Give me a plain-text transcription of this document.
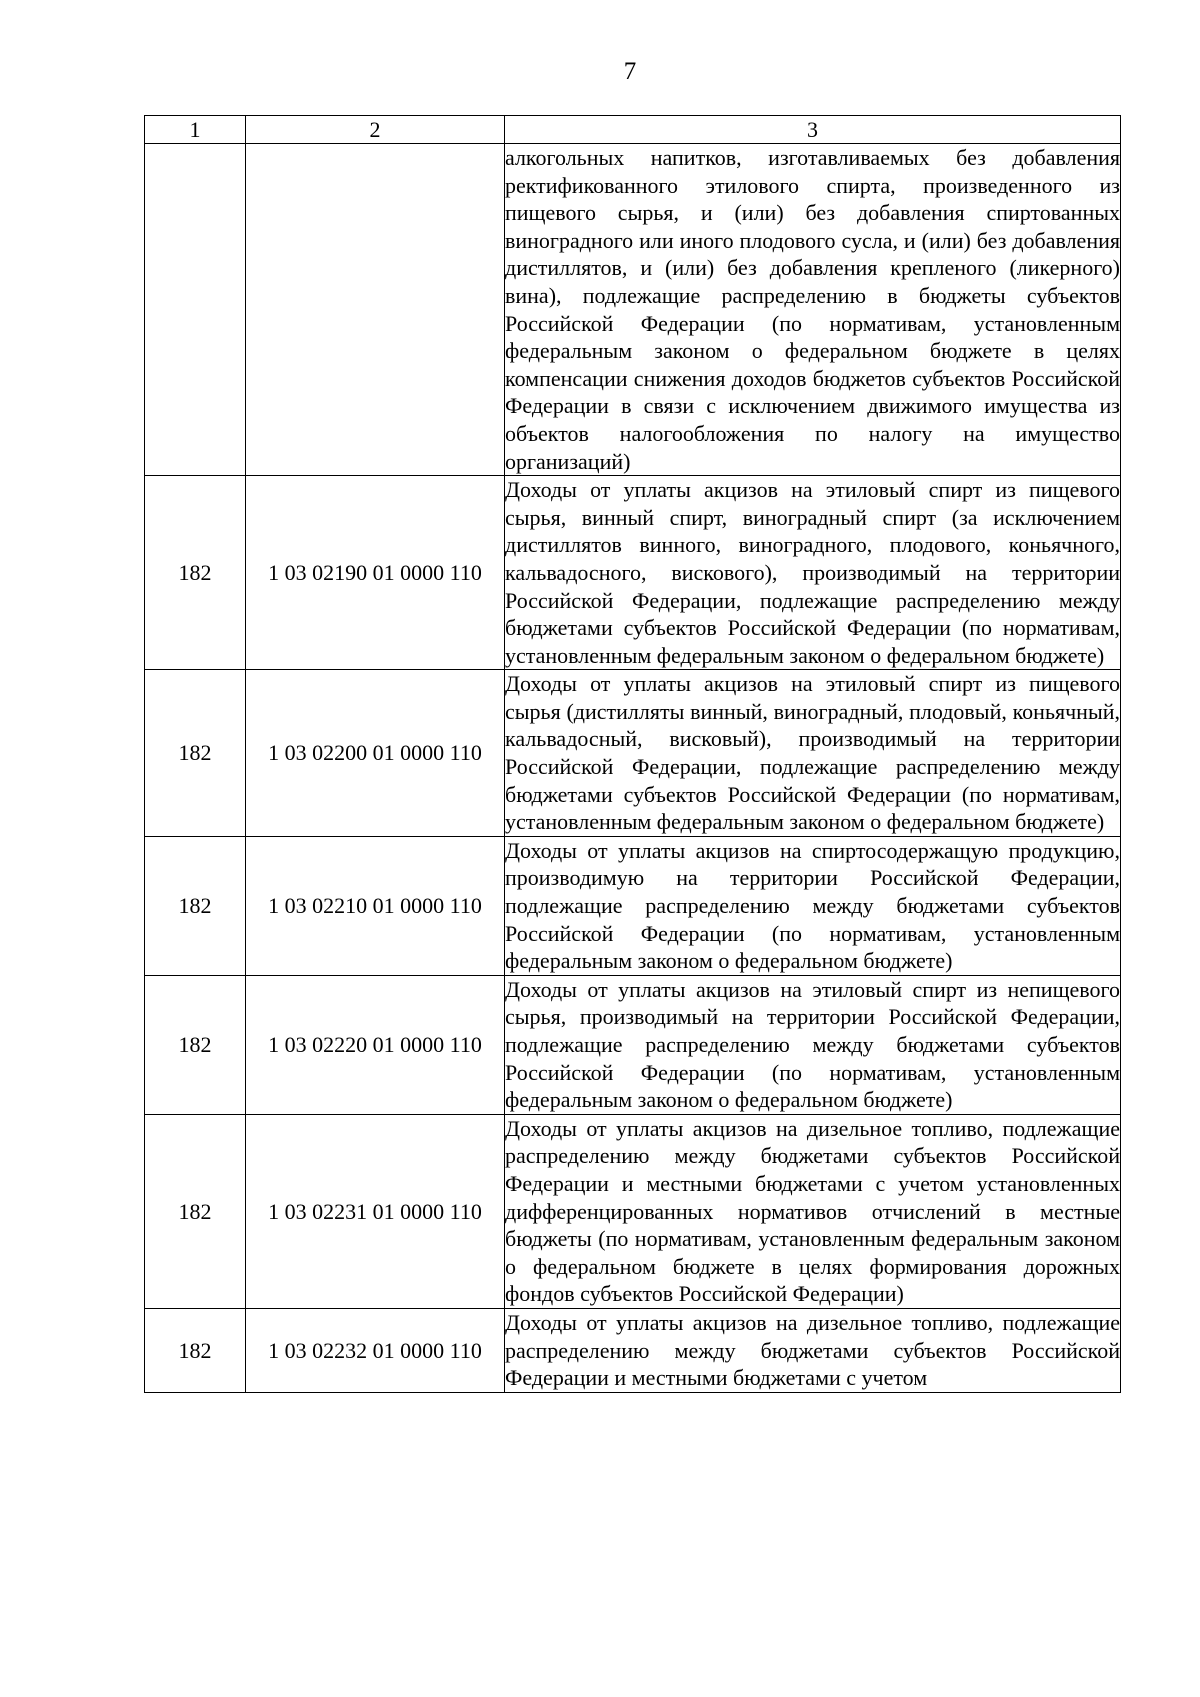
7
1	2	3
		алкогольных напитков, изготавливаемых без добавления ректификованного этилового спирта, произведенного из пищевого сырья, и (или) без добавления спиртованных виноградного или иного плодового сусла, и (или) без добавления дистиллятов, и (или) без добавления крепленого (ликерного) вина), подлежащие распределению в бюджеты субъектов Российской Федерации (по нормативам, установленным федеральным законом о федеральном бюджете в целях компенсации снижения доходов бюджетов субъектов Российской Федерации в связи с исключением движимого имущества из объектов налогообложения по налогу на имущество организаций)
182	1 03 02190 01 0000 110	Доходы от уплаты акцизов на этиловый спирт из пищевого сырья, винный спирт, виноградный спирт (за исключением дистиллятов винного, виноградного, плодового, коньячного, кальвадосного, вискового), производимый на территории Российской Федерации, подлежащие распределению между бюджетами субъектов Российской Федерации (по нормативам, установленным федеральным законом о федеральном бюджете)
182	1 03 02200 01 0000 110	Доходы от уплаты акцизов на этиловый спирт из пищевого сырья (дистилляты винный, виноградный, плодовый, коньячный, кальвадосный, висковый), производимый на территории Российской Федерации, подлежащие распределению между бюджетами субъектов Российской Федерации (по нормативам, установленным федеральным законом о федеральном бюджете)
182	1 03 02210 01 0000 110	Доходы от уплаты акцизов на спиртосодержащую продукцию, производимую на территории Российской Федерации, подлежащие распределению между бюджетами субъектов Российской Федерации (по нормативам, установленным федеральным законом о федеральном бюджете)
182	1 03 02220 01 0000 110	Доходы от уплаты акцизов на этиловый спирт из непищевого сырья, производимый на территории Российской Федерации, подлежащие распределению между бюджетами субъектов Российской Федерации (по нормативам, установленным федеральным законом о федеральном бюджете)
182	1 03 02231 01 0000 110	Доходы от уплаты акцизов на дизельное топливо, подлежащие распределению между бюджетами субъектов Российской Федерации и местными бюджетами с учетом установленных дифференцированных нормативов отчислений в местные бюджеты (по нормативам, установленным федеральным законом о федеральном бюджете в целях формирования дорожных фондов субъектов Российской Федерации)
182	1 03 02232 01 0000 110	Доходы от уплаты акцизов на дизельное топливо, подлежащие распределению между бюджетами субъектов Российской Федерации и местными бюджетами с учетом
